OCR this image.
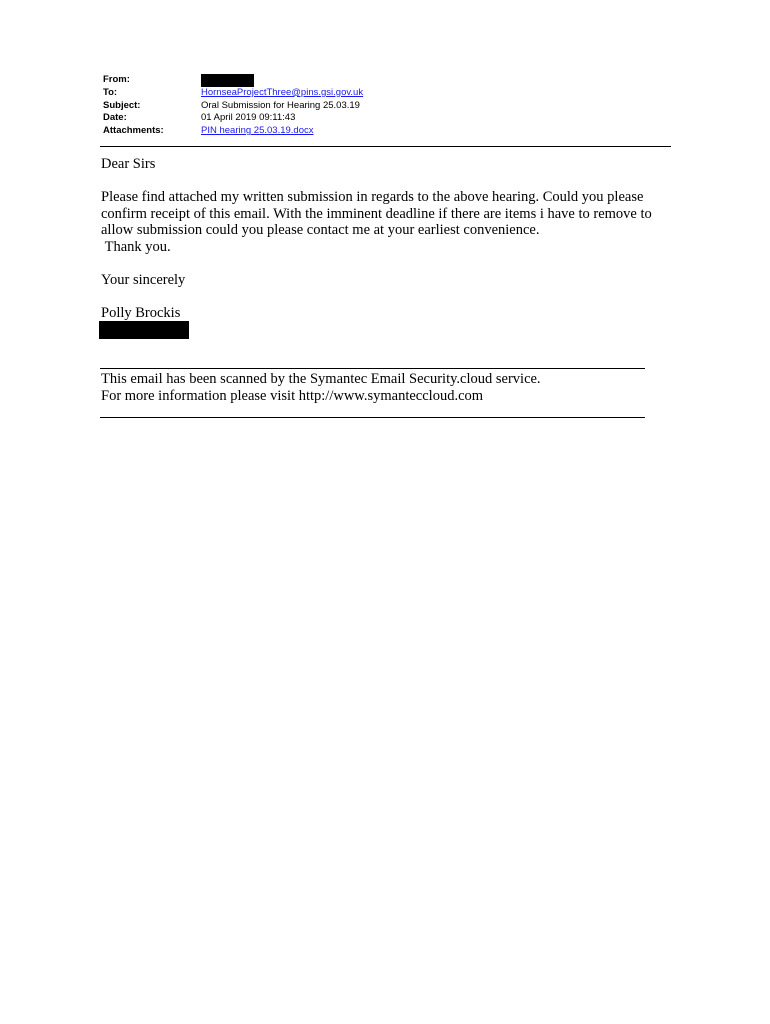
From:
To:	HornseaProjectThree@pins.gsi.gov.uk
Subject:	Oral Submission for Hearing 25.03.19
Date:	01 April 2019 09:11:43
Attachments:	PIN hearing 25.03.19.docx

Dear Sirs

Please find attached my written submission in regards to the above hearing. Could you please confirm receipt of this email. With the imminent deadline if there are items i have to remove to allow submission could you please contact me at your earliest convenience.
Thank you.

Your sincerely

Polly Brockis

This email has been scanned by the Symantec Email Security.cloud service.
For more information please visit http://www.symanteccloud.com
